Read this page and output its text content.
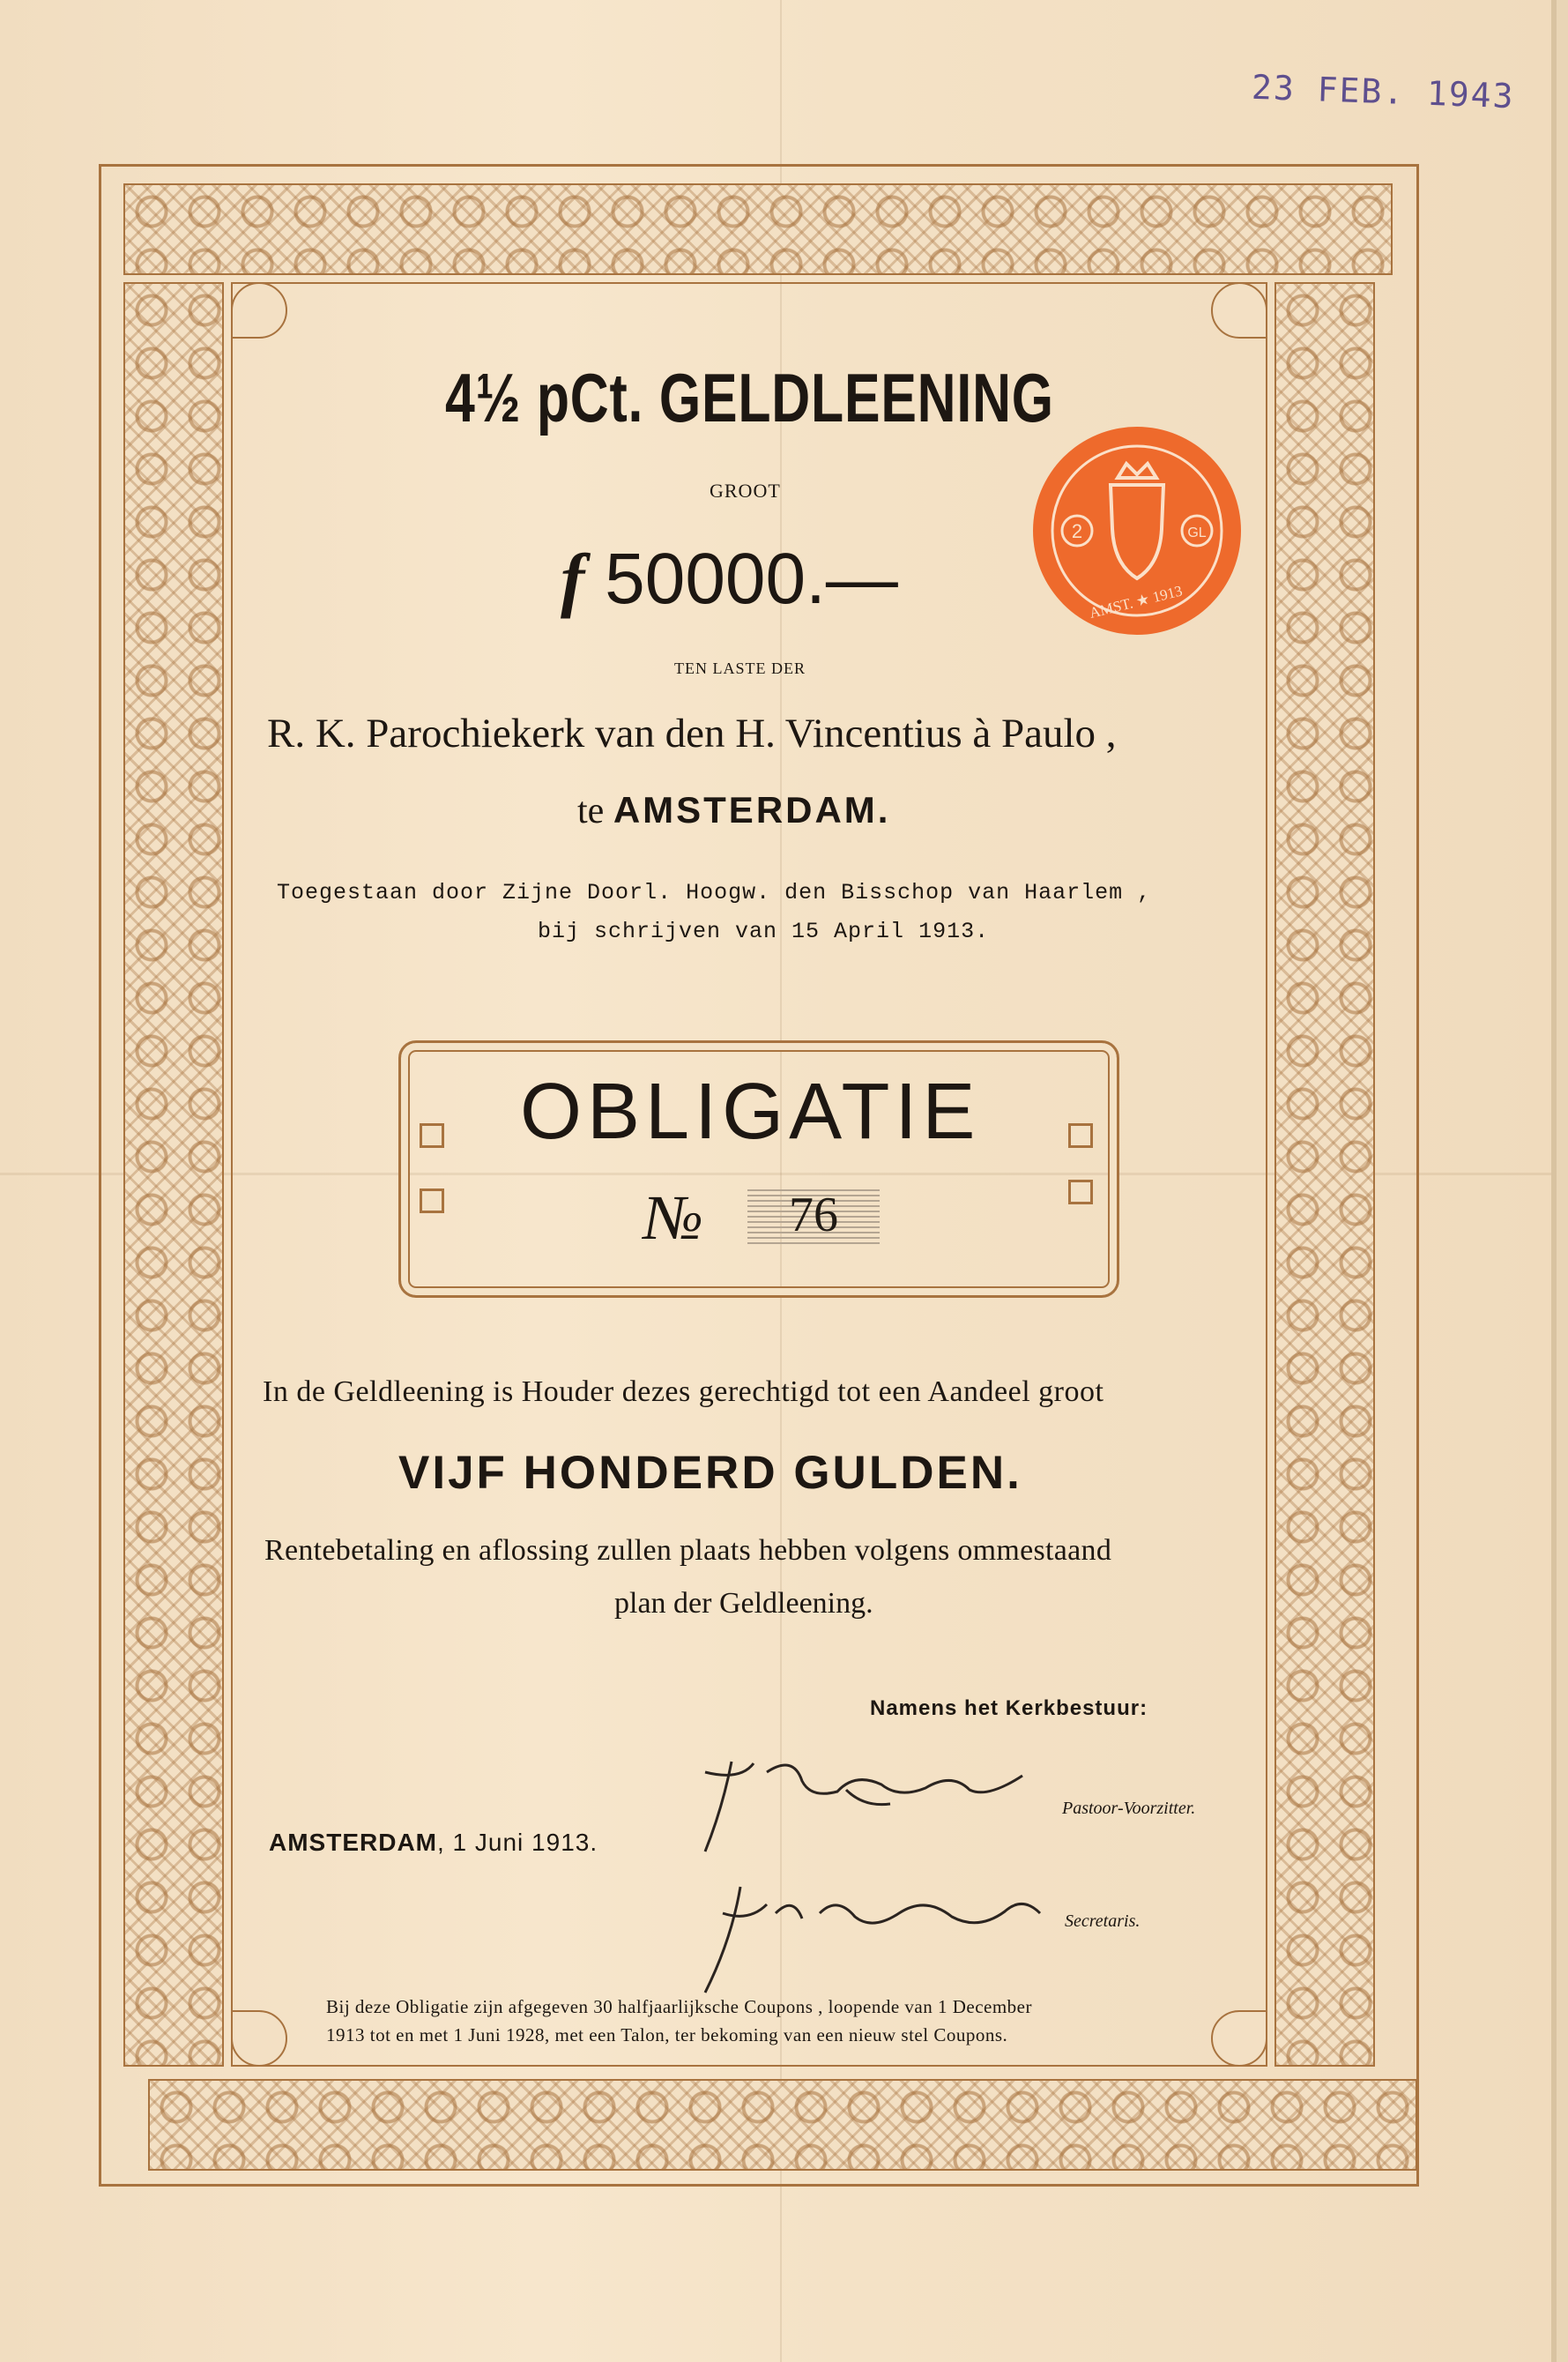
23 FEB. 1943
4½ pCt. GELDLEENING
GROOT
f 50000.—
TEN LASTE DER
R. K. Parochiekerk van den H. Vincentius à Paulo ,
te AMSTERDAM.
2	GL
AMST. ★ 1913
Toegestaan door Zijne Doorl. Hoogw. den Bisschop van Haarlem ,
bij schrijven van 15 April 1913.
OBLIGATIE
№	76
In de Geldleening is Houder dezes gerechtigd tot een Aandeel groot
VIJF HONDERD GULDEN.
Rentebetaling en aflossing zullen plaats hebben volgens ommestaand
plan der Geldleening.
Namens het Kerkbestuur:
AMSTERDAM, 1 Juni 1913.
Pastoor-Voorzitter.
Secretaris.
Bij deze Obligatie zijn afgegeven 30 halfjaarlijksche Coupons , loopende van 1 December
1913 tot en met 1 Juni 1928, met een Talon, ter bekoming van een nieuw stel Coupons.
